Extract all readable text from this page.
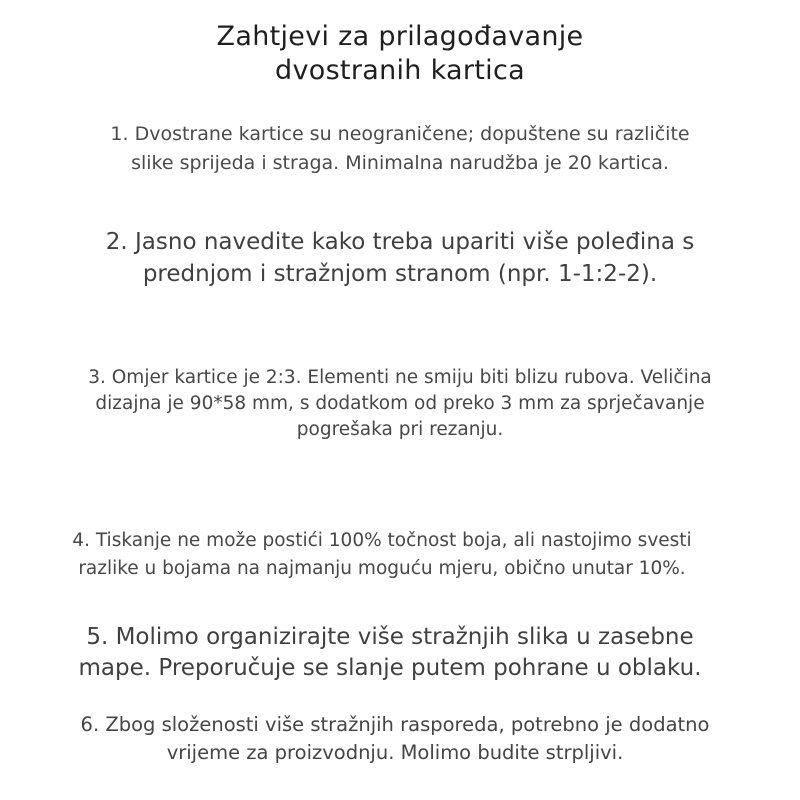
Zahtjevi za prilagođavanje
dvostranih kartica
1. Dvostrane kartice su neograničene; dopuštene su različite
slike sprijeda i straga. Minimalna narudžba je 20 kartica.
2. Jasno navedite kako treba upariti više poleđina s
prednjom i stražnjom stranom (npr. 1-1:2-2).
3. Omjer kartice je 2:3. Elementi ne smiju biti blizu rubova. Veličina
dizajna je 90*58 mm, s dodatkom od preko 3 mm za sprječavanje
pogrešaka pri rezanju.
4. Tiskanje ne može postići 100% točnost boja, ali nastojimo svesti
razlike u bojama na najmanju moguću mjeru, obično unutar 10%.
5. Molimo organizirajte više stražnjih slika u zasebne
mape. Preporučuje se slanje putem pohrane u oblaku.
6. Zbog složenosti više stražnjih rasporeda, potrebno je dodatno
vrijeme za proizvodnju. Molimo budite strpljivi.
